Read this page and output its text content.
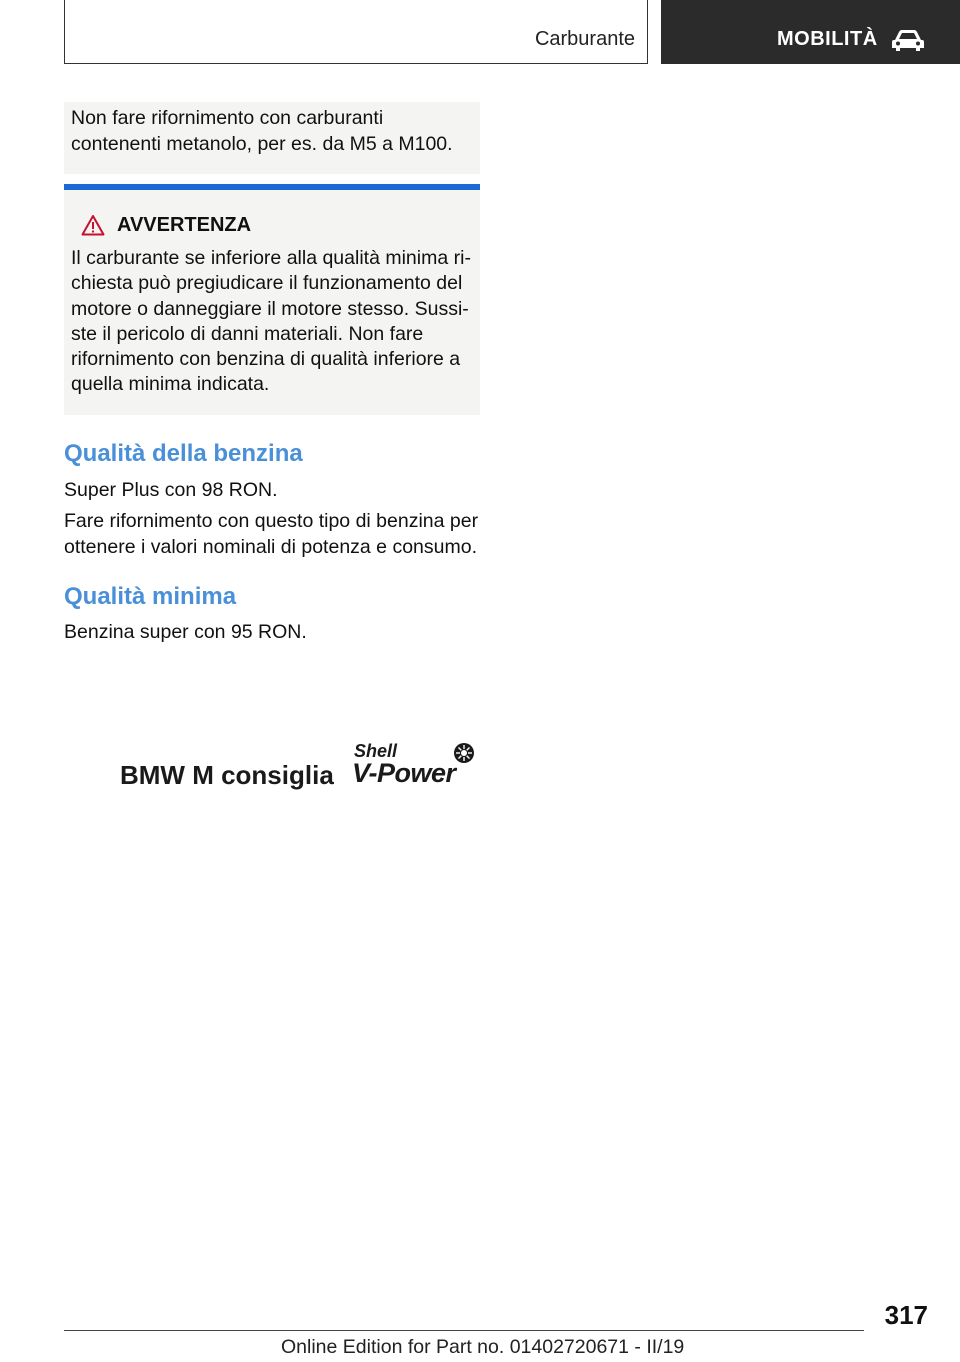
Carburante	MOBILITÀ
Non fare rifornimento con carburanti contenenti metanolo, per es. da M5 a M100.
AVVERTENZA
Il carburante se inferiore alla qualità minima richiesta può pregiudicare il funzionamento del motore o danneggiare il motore stesso. Sussiste il pericolo di danni materiali. Non fare rifornimento con benzina di qualità inferiore a quella minima indicata.
Qualità della benzina

Super Plus con 98 RON.

Fare rifornimento con questo tipo di benzina per ottenere i valori nominali di potenza e consumo.

Qualità minima

Benzina super con 95 RON.

BMW M consiglia
Shell
V-Power
317
Online Edition for Part no. 01402720671 - II/19
